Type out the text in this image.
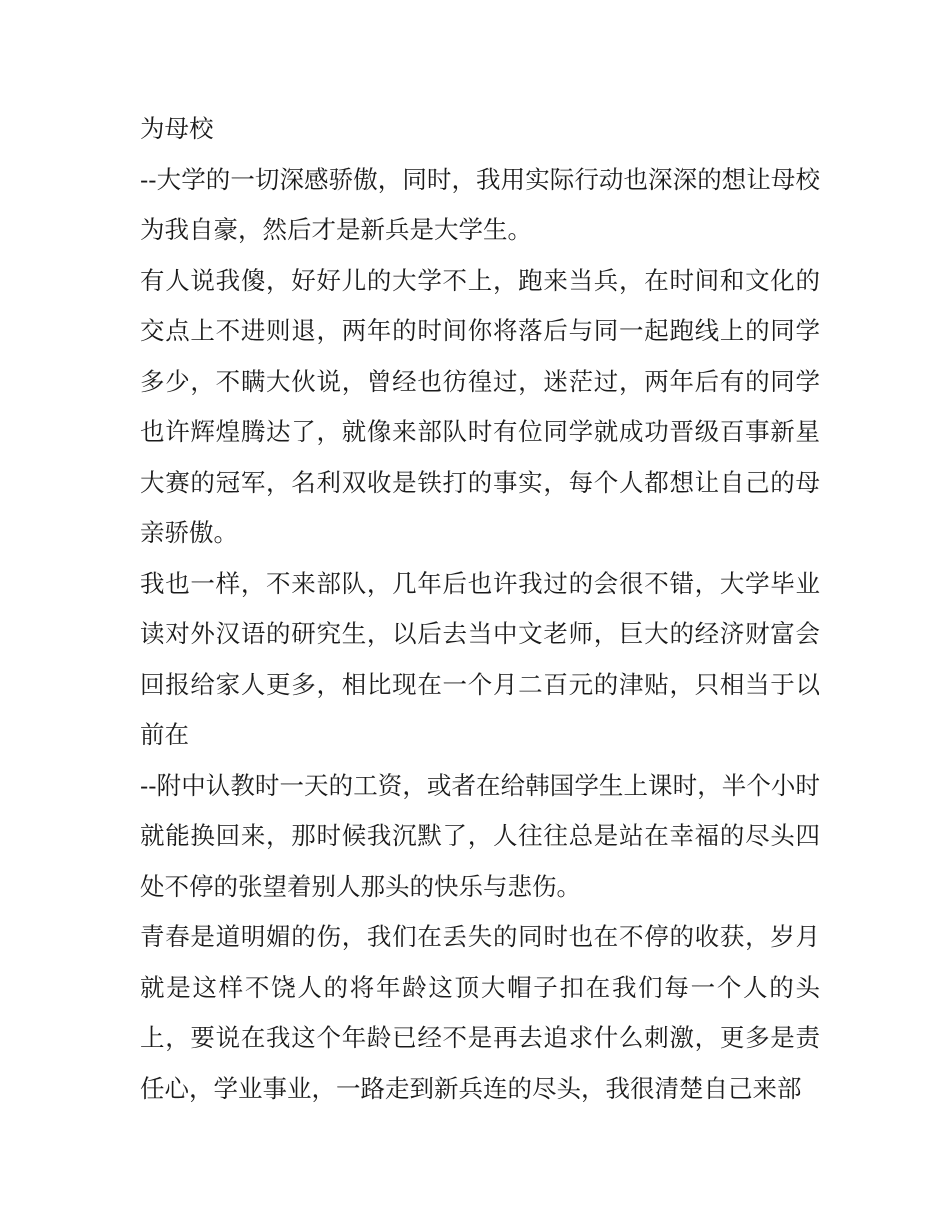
为母校

--大学的一切深感骄傲，同时，我用实际行动也深深的想让母校为我自豪，然后才是新兵是大学生。

有人说我傻，好好儿的大学不上，跑来当兵，在时间和文化的交点上不进则退，两年的时间你将落后与同一起跑线上的同学多少，不瞒大伙说，曾经也彷徨过，迷茫过，两年后有的同学也许辉煌腾达了，就像来部队时有位同学就成功晋级百事新星大赛的冠军，名利双收是铁打的事实，每个人都想让自己的母亲骄傲。

我也一样，不来部队，几年后也许我过的会很不错，大学毕业读对外汉语的研究生，以后去当中文老师，巨大的经济财富会回报给家人更多，相比现在一个月二百元的津贴，只相当于以前在

--附中认教时一天的工资，或者在给韩国学生上课时，半个小时就能换回来，那时候我沉默了，人往往总是站在幸福的尽头四处不停的张望着别人那头的快乐与悲伤。

青春是道明媚的伤，我们在丢失的同时也在不停的收获，岁月就是这样不饶人的将年龄这顶大帽子扣在我们每一个人的头上，要说在我这个年龄已经不是再去追求什么刺激，更多是责任心，学业事业，一路走到新兵连的尽头，我很清楚自己来部
